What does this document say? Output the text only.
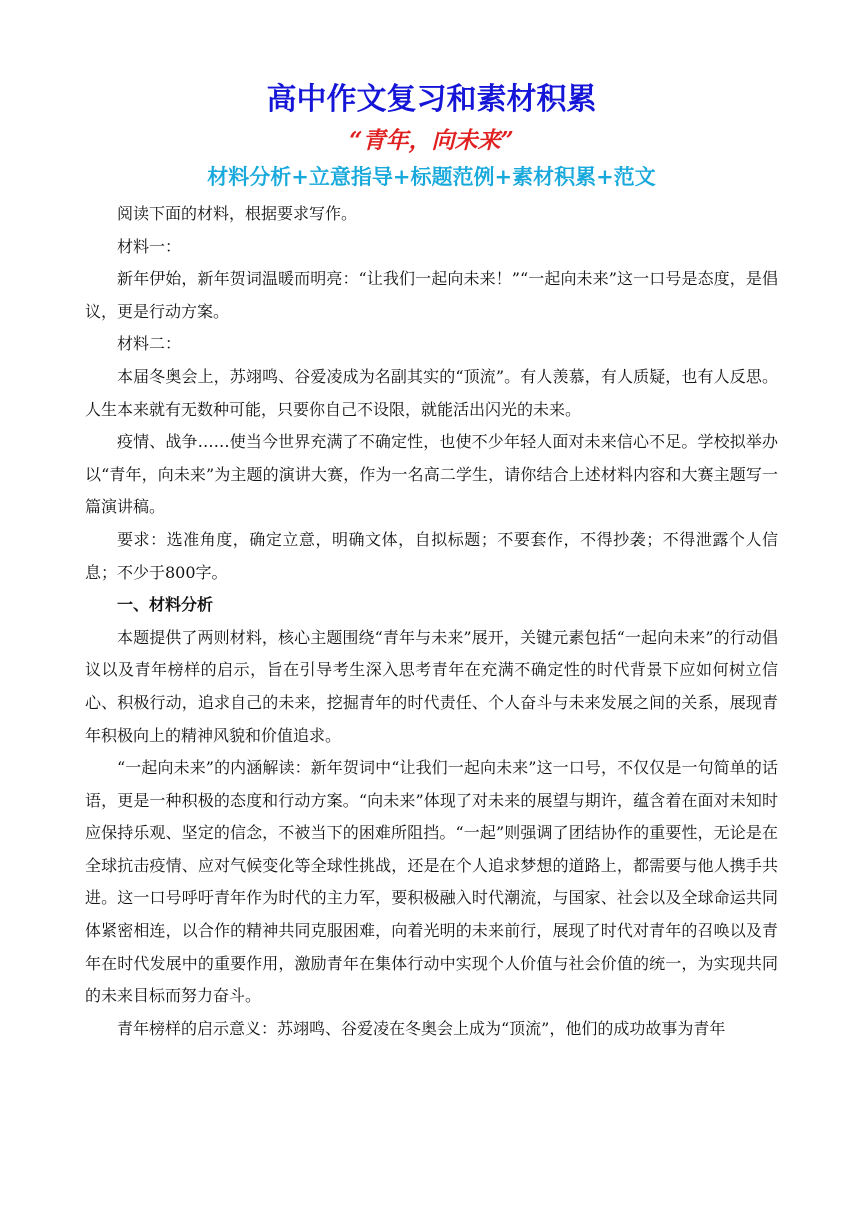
高中作文复习和素材积累
“青年，向未来”
材料分析+立意指导+标题范例+素材积累+范文

阅读下面的材料，根据要求写作。

材料一：

新年伊始，新年贺词温暖而明亮：“让我们一起向未来！”“一起向未来”这一口号是态度，是倡议，更是行动方案。

材料二：

本届冬奥会上，苏翊鸣、谷爱凌成为名副其实的“顶流”。有人羡慕，有人质疑，也有人反思。人生本来就有无数种可能，只要你自己不设限，就能活出闪光的未来。

疫情、战争……使当今世界充满了不确定性，也使不少年轻人面对未来信心不足。学校拟举办以“青年，向未来”为主题的演讲大赛，作为一名高二学生，请你结合上述材料内容和大赛主题写一篇演讲稿。

要求：选准角度，确定立意，明确文体，自拟标题；不要套作，不得抄袭；不得泄露个人信息；不少于800字。

一、材料分析

本题提供了两则材料，核心主题围绕“青年与未来”展开，关键元素包括“一起向未来”的行动倡议以及青年榜样的启示，旨在引导考生深入思考青年在充满不确定性的时代背景下应如何树立信心、积极行动，追求自己的未来，挖掘青年的时代责任、个人奋斗与未来发展之间的关系，展现青年积极向上的精神风貌和价值追求。

“一起向未来”的内涵解读：新年贺词中“让我们一起向未来”这一口号，不仅仅是一句简单的话语，更是一种积极的态度和行动方案。“向未来”体现了对未来的展望与期许，蕴含着在面对未知时应保持乐观、坚定的信念，不被当下的困难所阻挡。“一起”则强调了团结协作的重要性，无论是在全球抗击疫情、应对气候变化等全球性挑战，还是在个人追求梦想的道路上，都需要与他人携手共进。这一口号呼吁青年作为时代的主力军，要积极融入时代潮流，与国家、社会以及全球命运共同体紧密相连，以合作的精神共同克服困难，向着光明的未来前行，展现了时代对青年的召唤以及青年在时代发展中的重要作用，激励青年在集体行动中实现个人价值与社会价值的统一，为实现共同的未来目标而努力奋斗。

青年榜样的启示意义：苏翊鸣、谷爱凌在冬奥会上成为“顶流”，他们的成功故事为青年
